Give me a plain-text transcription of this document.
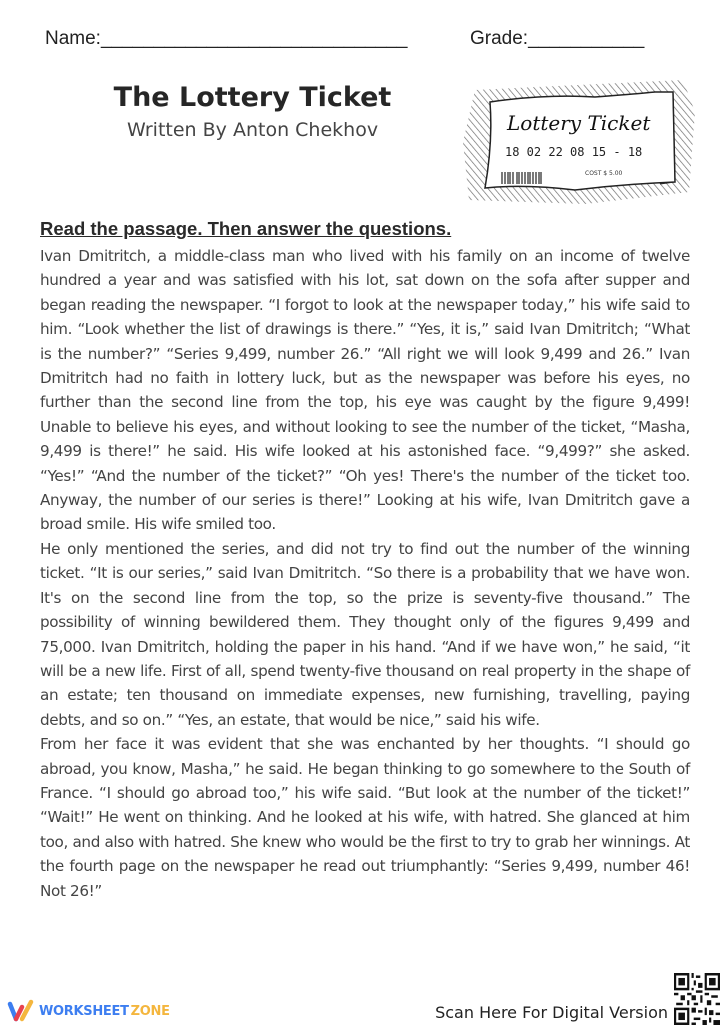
Name:_____________________________	Grade:___________
The Lottery Ticket
Written By Anton Chekhov	Lottery Ticket
18 02 22 08 15 - 18
COST $ 5.00
Read the passage. Then answer the questions.

Ivan Dmitritch, a middle-class man who lived with his family on an income of twelve hundred a year and was satisfied with his lot, sat down on the sofa after supper and began reading the newspaper. “I forgot to look at the newspaper today,” his wife said to him. “Look whether the list of drawings is there.” “Yes, it is,” said Ivan Dmitritch; “What is the number?” “Series 9,499, number 26.” “All right we will look 9,499 and 26.” Ivan Dmitritch had no faith in lottery luck, but as the newspaper was before his eyes, no further than the second line from the top, his eye was caught by the figure 9,499! Unable to believe his eyes, and without looking to see the number of the ticket, “Masha, 9,499 is there!” he said. His wife looked at his astonished face. “9,499?” she asked. “Yes!” “And the number of the ticket?” “Oh yes! There's the number of the ticket too. Anyway, the number of our series is there!” Looking at his wife, Ivan Dmitritch gave a broad smile. His wife smiled too.

He only mentioned the series, and did not try to find out the number of the winning ticket. “It is our series,” said Ivan Dmitritch. “So there is a probability that we have won. It's on the second line from the top, so the prize is seventy-five thousand.” The possibility of winning bewildered them. They thought only of the figures 9,499 and 75,000. Ivan Dmitritch, holding the paper in his hand. “And if we have won,” he said, “it will be a new life. First of all, spend twenty-five thousand on real property in the shape of an estate; ten thousand on immediate expenses, new furnishing, travelling, paying debts, and so on.” “Yes, an estate, that would be nice,” said his wife.

From her face it was evident that she was enchanted by her thoughts. “I should go abroad, you know, Masha,” he said. He began thinking to go somewhere to the South of France. “I should go abroad too,” his wife said. “But look at the number of the ticket!” “Wait!” He went on thinking. And he looked at his wife, with hatred. She glanced at him too, and also with hatred. She knew who would be the first to try to grab her winnings. At the fourth page on the newspaper he read out triumphantly: “Series 9,499, number 46! Not 26!”

WORKSHEET ZONE	Scan Here For Digital Version
